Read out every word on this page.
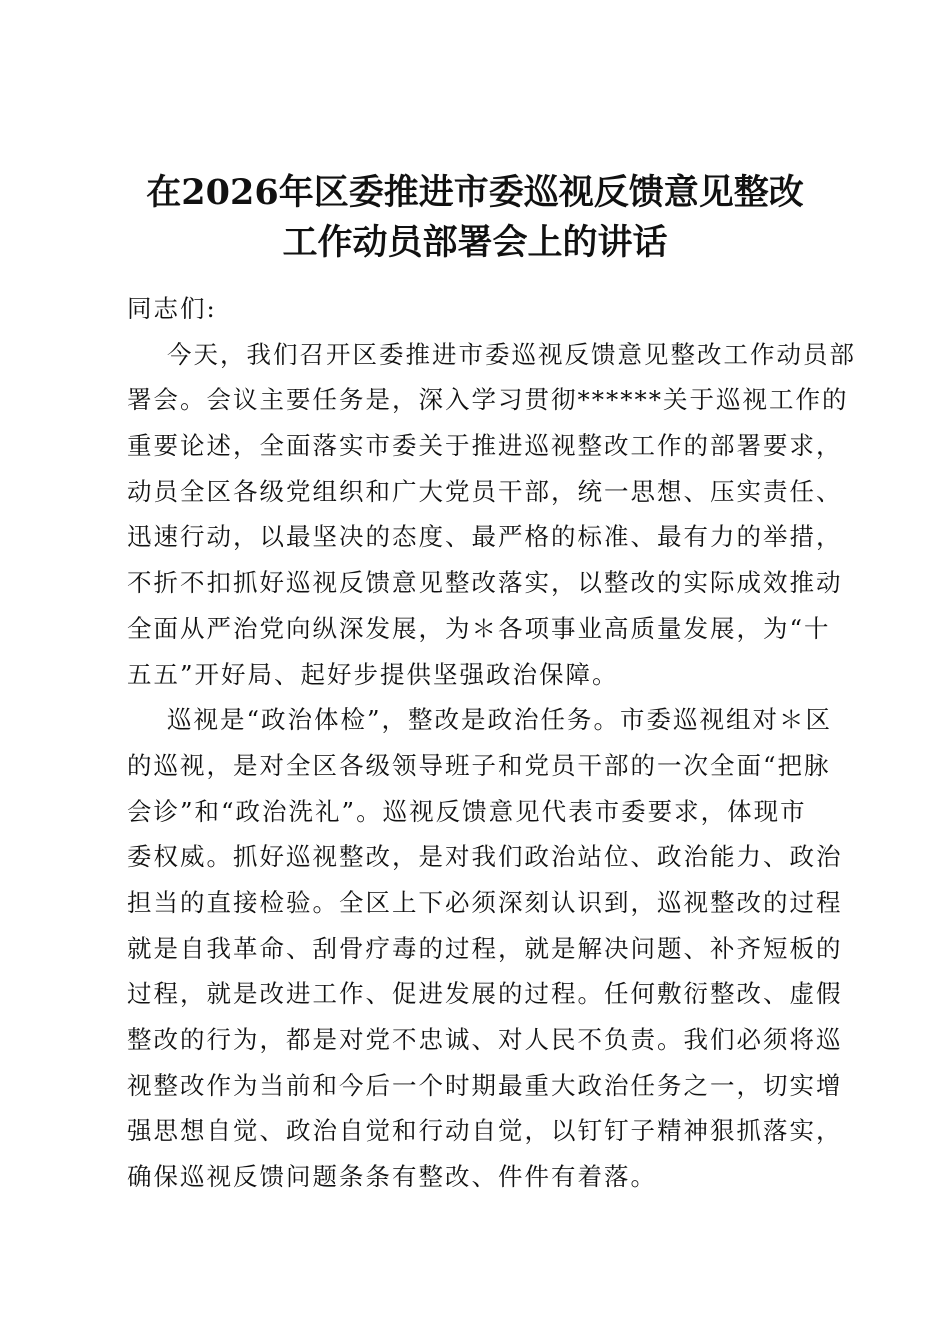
在2026年区委推进市委巡视反馈意见整改
工作动员部署会上的讲话

同志们:

今天，我们召开区委推进市委巡视反馈意见整改工作动员部

署会。会议主要任务是，深入学习贯彻******关于巡视工作的

重要论述，全面落实市委关于推进巡视整改工作的部署要求，

动员全区各级党组织和广大党员干部，统一思想、压实责任、

迅速行动，以最坚决的态度、最严格的标准、最有力的举措，

不折不扣抓好巡视反馈意见整改落实，以整改的实际成效推动

全面从严治党向纵深发展，为＊各项事业高质量发展，为“十

五五”开好局、起好步提供坚强政治保障。

巡视是“政治体检”，整改是政治任务。市委巡视组对＊区

的巡视，是对全区各级领导班子和党员干部的一次全面“把脉

会诊”和“政治洗礼”。巡视反馈意见代表市委要求，体现市

委权威。抓好巡视整改，是对我们政治站位、政治能力、政治

担当的直接检验。全区上下必须深刻认识到，巡视整改的过程

就是自我革命、刮骨疗毒的过程，就是解决问题、补齐短板的

过程，就是改进工作、促进发展的过程。任何敷衍整改、虚假

整改的行为，都是对党不忠诚、对人民不负责。我们必须将巡

视整改作为当前和今后一个时期最重大政治任务之一，切实增

强思想自觉、政治自觉和行动自觉，以钉钉子精神狠抓落实，

确保巡视反馈问题条条有整改、件件有着落。
